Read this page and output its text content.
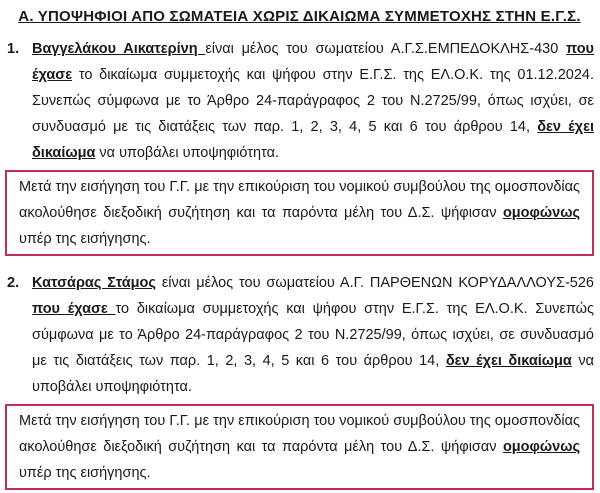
Α. ΥΠΟΨΗΦΙΟΙ ΑΠΟ ΣΩΜΑΤΕΙΑ ΧΩΡΙΣ ΔΙΚΑΙΩΜΑ ΣΥΜΜΕΤΟΧΗΣ ΣΤΗΝ Ε.Γ.Σ.
1. Βαγγελάκου Αικατερίνη είναι μέλος του σωματείου Α.Γ.Σ.ΕΜΠΕΔΟΚΛΗΣ-430 που έχασε το δικαίωμα συμμετοχής και ψήφου στην Ε.Γ.Σ. της ΕΛ.Ο.Κ. της 01.12.2024. Συνεπώς σύμφωνα με το Άρθρο 24-παράγραφος 2 του Ν.2725/99, όπως ισχύει, σε συνδυασμό με τις διατάξεις των παρ. 1, 2, 3, 4, 5 και 6 του άρθρου 14, δεν έχει δικαίωμα να υποβάλει υποψηφιότητα.

Μετά την εισήγηση του Γ.Γ. με την επικούριση του νομικού συμβούλου της ομοσπονδίας ακολούθησε διεξοδική συζήτηση και τα παρόντα μέλη του Δ.Σ. ψήφισαν ομοφώνως υπέρ της εισήγησης.

2. Κατσάρας Στάμος είναι μέλος του σωματείου Α.Γ. ΠΑΡΘΕΝΩΝ ΚΟΡΥΔΑΛΛΟΥΣ-526 που έχασε το δικαίωμα συμμετοχής και ψήφου στην Ε.Γ.Σ. της ΕΛ.Ο.Κ. Συνεπώς σύμφωνα με το Άρθρο 24-παράγραφος 2 του Ν.2725/99, όπως ισχύει, σε συνδυασμό με τις διατάξεις των παρ. 1, 2, 3, 4, 5 και 6 του άρθρου 14, δεν έχει δικαίωμα να υποβάλει υποψηφιότητα.

Μετά την εισήγηση του Γ.Γ. με την επικούριση του νομικού συμβούλου της ομοσπονδίας ακολούθησε διεξοδική συζήτηση και τα παρόντα μέλη του Δ.Σ. ψήφισαν ομοφώνως υπέρ της εισήγησης.
